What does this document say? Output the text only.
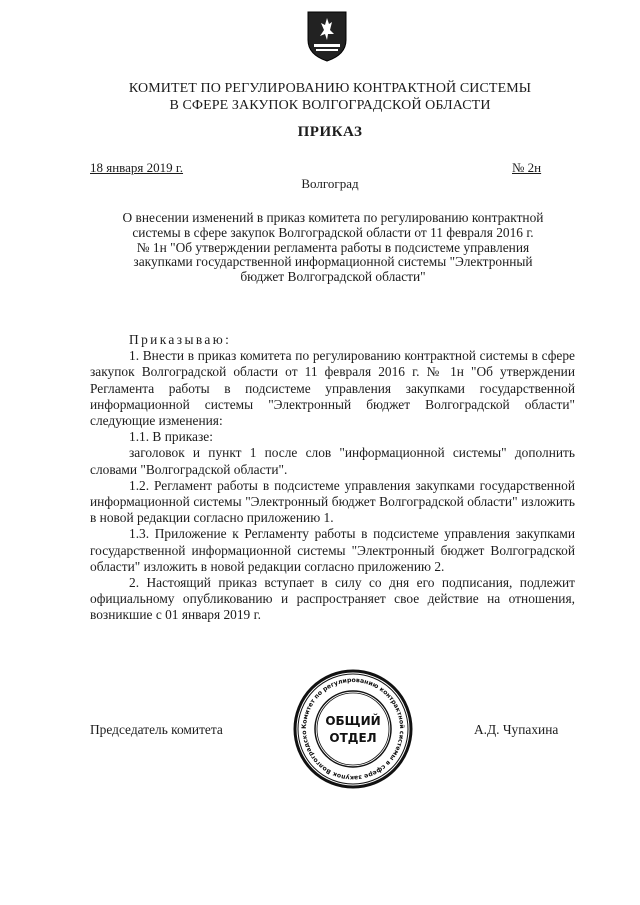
КОМИТЕТ ПО РЕГУЛИРОВАНИЮ КОНТРАКТНОЙ СИСТЕМЫ
В СФЕРЕ ЗАКУПОК ВОЛГОГРАДСКОЙ ОБЛАСТИ
ПРИКАЗ
18 января 2019 г.	№ 2н
Волгоград
О внесении изменений в приказ комитета по регулированию контрактной
системы в сфере закупок Волгоградской области от 11 февраля 2016 г.
№ 1н "Об утверждении регламента работы в подсистеме управления
закупками государственной информационной системы "Электронный
бюджет Волгоградской области"

Приказываю:

1. Внести в приказ комитета по регулированию контрактной системы в сфере закупок Волгоградской области от 11 февраля 2016 г. № 1н "Об утверждении Регламента работы в подсистеме управления закупками государственной информационной системы "Электронный бюджет Волгоградской области" следующие изменения:

1.1. В приказе:

заголовок и пункт 1 после слов "информационной системы" дополнить словами "Волгоградской области".

1.2. Регламент работы в подсистеме управления закупками государственной информационной системы "Электронный бюджет Волгоградской области" изложить в новой редакции согласно приложению 1.

1.3. Приложение к Регламенту работы в подсистеме управления закупками государственной информационной системы "Электронный бюджет Волгоградской области" изложить в новой редакции согласно приложению 2.

2. Настоящий приказ вступает в силу со дня его подписания, подлежит официальному опубликованию и распространяет свое действие на отношения, возникшие с 01 января 2019 г.

Председатель комитета	А.Д. Чупахина
Комитет по регулированию контрактной системы в сфере закупок Волгоградско
ОБЩИЙ
ОТДЕЛ
